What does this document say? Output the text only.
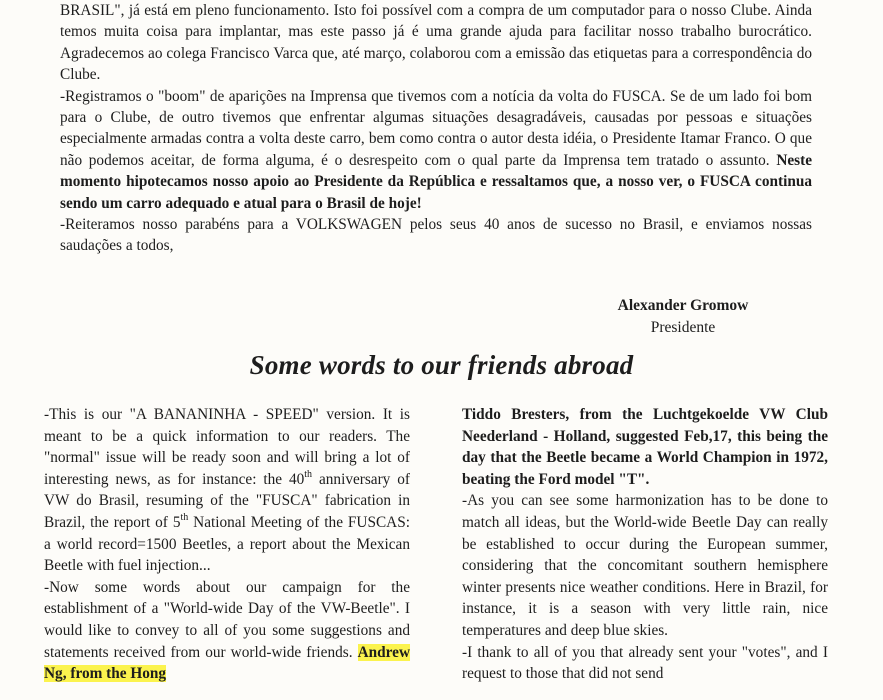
BRASIL", já está em pleno funcionamento. Isto foi possível com a compra de um computador para o nosso Clube. Ainda temos muita coisa para implantar, mas este passo já é uma grande ajuda para facilitar nosso trabalho burocrático. Agradecemos ao colega Francisco Varca que, até março, colaborou com a emissão das etiquetas para a correspondência do Clube.

-Registramos o "boom" de aparições na Imprensa que tivemos com a notícia da volta do FUSCA. Se de um lado foi bom para o Clube, de outro tivemos que enfrentar algumas situações desagradáveis, causadas por pessoas e situações especialmente armadas contra a volta deste carro, bem como contra o autor desta idéia, o Presidente Itamar Franco. O que não podemos aceitar, de forma alguma, é o desrespeito com o qual parte da Imprensa tem tratado o assunto. Neste momento hipotecamos nosso apoio ao Presidente da República e ressaltamos que, a nosso ver, o FUSCA continua sendo um carro adequado e atual para o Brasil de hoje!

-Reiteramos nosso parabéns para a VOLKSWAGEN pelos seus 40 anos de sucesso no Brasil, e enviamos nossas saudações a todos,

Alexander Gromow
Presidente
Some words to our friends abroad

-This is our "A BANANINHA - SPEED" version. It is meant to be a quick information to our readers. The "normal" issue will be ready soon and will bring a lot of interesting news, as for instance: the 40th anniversary of VW do Brasil, resuming of the "FUSCA" fabrication in Brazil, the report of 5th National Meeting of the FUSCAS: a world record=1500 Beetles, a report about the Mexican Beetle with fuel injection...

-Now some words about our campaign for the establishment of a "World-wide Day of the VW-Beetle". I would like to convey to all of you some suggestions and statements received from our world-wide friends. Andrew Ng, from the Hong

Tiddo Bresters, from the Luchtgekoelde VW Club Neederland - Holland, suggested Feb,17, this being the day that the Beetle became a World Champion in 1972, beating the Ford model "T".

-As you can see some harmonization has to be done to match all ideas, but the World-wide Beetle Day can really be established to occur during the European summer, considering that the concomitant southern hemisphere winter presents nice weather conditions. Here in Brazil, for instance, it is a season with very little rain, nice temperatures and deep blue skies.

-I thank to all of you that already sent your "votes", and I request to those that did not send
